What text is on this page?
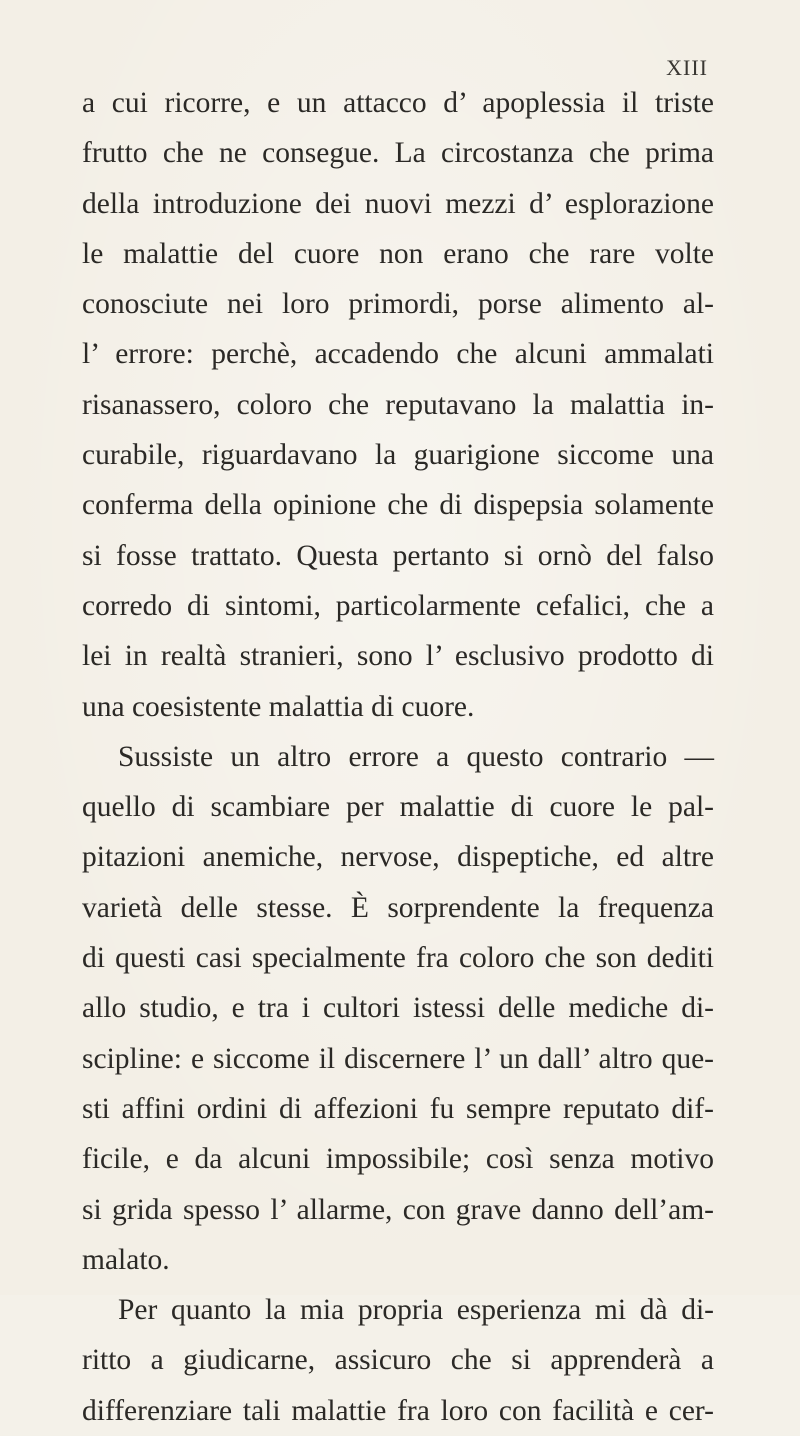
XIII
a cui ricorre, e un attacco d’ apoplessia il triste
frutto che ne consegue. La circostanza che prima
della introduzione dei nuovi mezzi d’ esplorazione
le malattie del cuore non erano che rare volte
conosciute nei loro primordi, porse alimento al-
l’ errore: perchè, accadendo che alcuni ammalati
risanassero, coloro che reputavano la malattia in-
curabile, riguardavano la guarigione siccome una
conferma della opinione che di dispepsia solamente
si fosse trattato. Questa pertanto si ornò del falso
corredo di sintomi, particolarmente cefalici, che a
lei in realtà stranieri, sono l’ esclusivo prodotto di
una coesistente malattia di cuore.
Sussiste un altro errore a questo contrario —
quello di scambiare per malattie di cuore le pal-
pitazioni anemiche, nervose, dispeptiche, ed altre
varietà delle stesse. È sorprendente la frequenza
di questi casi specialmente fra coloro che son dediti
allo studio, e tra i cultori istessi delle mediche di-
scipline: e siccome il discernere l’ un dall’ altro que-
sti affini ordini di affezioni fu sempre reputato dif-
ficile, e da alcuni impossibile; così senza motivo
si grida spesso l’ allarme, con grave danno dell’am-
malato.
Per quanto la mia propria esperienza mi dà di-
ritto a giudicarne, assicuro che si apprenderà a
differenziare tali malattie fra loro con facilità e cer-
